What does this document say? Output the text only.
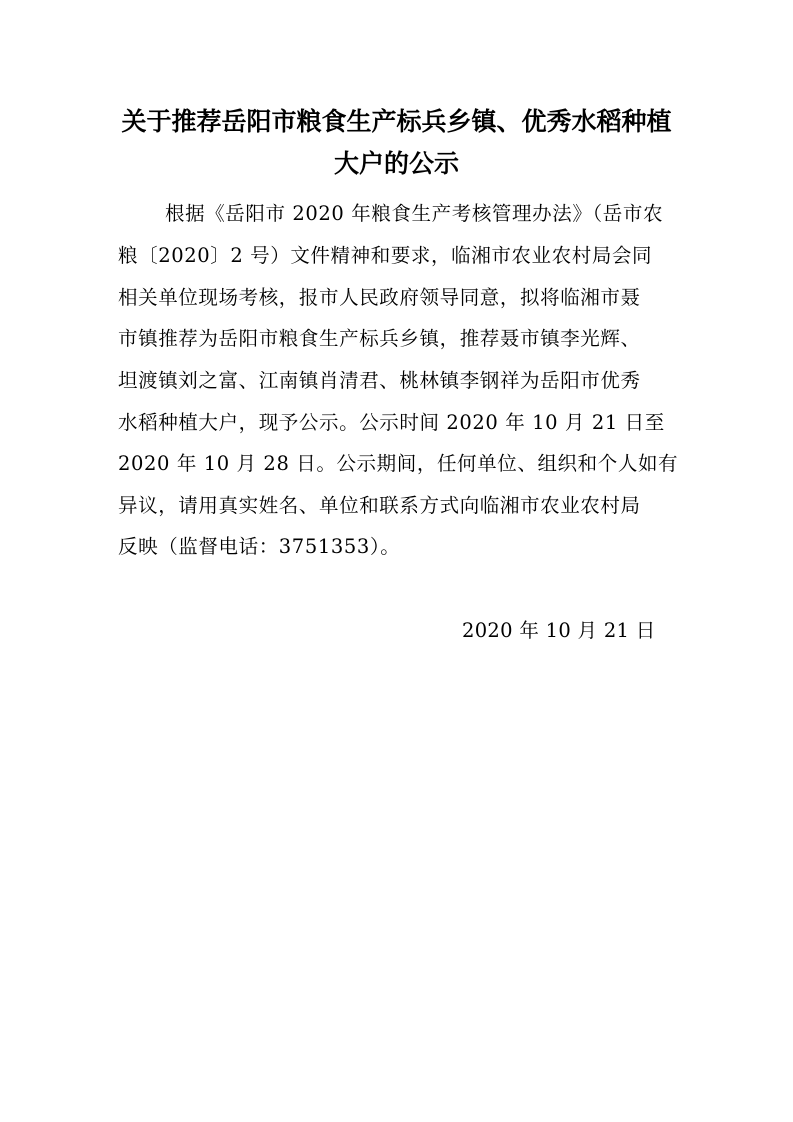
关于推荐岳阳市粮食生产标兵乡镇、优秀水稻种植
大户的公示
根据《岳阳市 2020 年粮食生产考核管理办法》（岳市农
粮〔2020〕2 号）文件精神和要求，临湘市农业农村局会同
相关单位现场考核，报市人民政府领导同意，拟将临湘市聂
市镇推荐为岳阳市粮食生产标兵乡镇，推荐聂市镇李光辉、
坦渡镇刘之富、江南镇肖清君、桃林镇李钢祥为岳阳市优秀
水稻种植大户，现予公示。公示时间 2020 年 10 月 21 日至
2020 年 10 月 28 日。公示期间，任何单位、组织和个人如有
异议，请用真实姓名、单位和联系方式向临湘市农业农村局
反映（监督电话：3751353）。
2020 年 10 月 21 日
